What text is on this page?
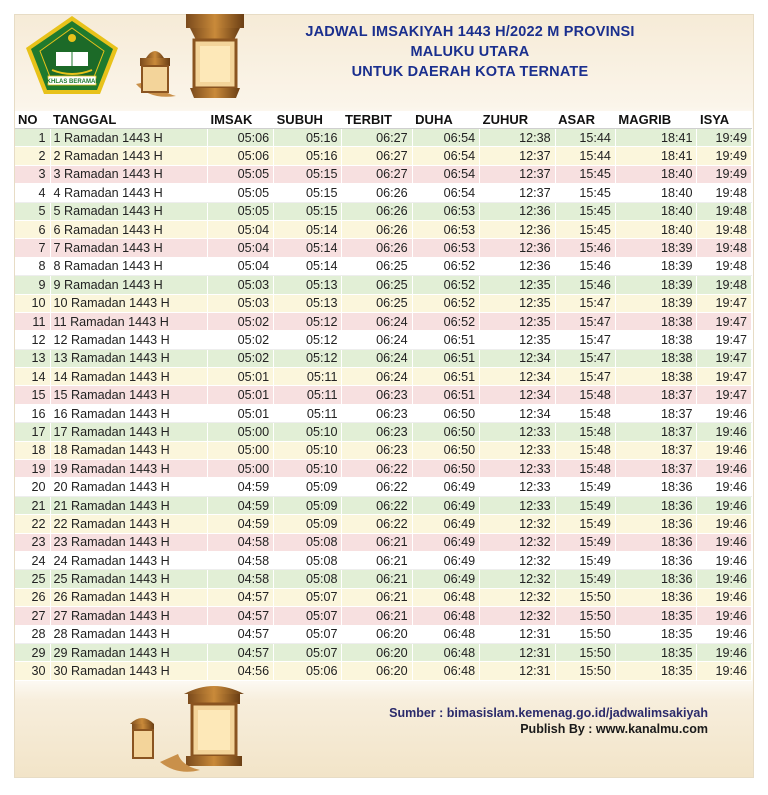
IKHLAS BERAMAL
JADWAL IMSAKIYAH 1443 H/2022 M PROVINSI
MALUKU UTARA
UNTUK DAERAH KOTA TERNATE
NO	TANGGAL	IMSAK	SUBUH	TERBIT	DUHA	ZUHUR	ASAR	MAGRIB	ISYA
1	1 Ramadan 1443 H	05:06	05:16	06:27	06:54	12:38	15:44	18:41	19:49
2	2 Ramadan 1443 H	05:06	05:16	06:27	06:54	12:37	15:44	18:41	19:49
3	3 Ramadan 1443 H	05:05	05:15	06:27	06:54	12:37	15:45	18:40	19:49
4	4 Ramadan 1443 H	05:05	05:15	06:26	06:54	12:37	15:45	18:40	19:48
5	5 Ramadan 1443 H	05:05	05:15	06:26	06:53	12:36	15:45	18:40	19:48
6	6 Ramadan 1443 H	05:04	05:14	06:26	06:53	12:36	15:45	18:40	19:48
7	7 Ramadan 1443 H	05:04	05:14	06:26	06:53	12:36	15:46	18:39	19:48
8	8 Ramadan 1443 H	05:04	05:14	06:25	06:52	12:36	15:46	18:39	19:48
9	9 Ramadan 1443 H	05:03	05:13	06:25	06:52	12:35	15:46	18:39	19:48
10	10 Ramadan 1443 H	05:03	05:13	06:25	06:52	12:35	15:47	18:39	19:47
11	11 Ramadan 1443 H	05:02	05:12	06:24	06:52	12:35	15:47	18:38	19:47
12	12 Ramadan 1443 H	05:02	05:12	06:24	06:51	12:35	15:47	18:38	19:47
13	13 Ramadan 1443 H	05:02	05:12	06:24	06:51	12:34	15:47	18:38	19:47
14	14 Ramadan 1443 H	05:01	05:11	06:24	06:51	12:34	15:47	18:38	19:47
15	15 Ramadan 1443 H	05:01	05:11	06:23	06:51	12:34	15:48	18:37	19:47
16	16 Ramadan 1443 H	05:01	05:11	06:23	06:50	12:34	15:48	18:37	19:46
17	17 Ramadan 1443 H	05:00	05:10	06:23	06:50	12:33	15:48	18:37	19:46
18	18 Ramadan 1443 H	05:00	05:10	06:23	06:50	12:33	15:48	18:37	19:46
19	19 Ramadan 1443 H	05:00	05:10	06:22	06:50	12:33	15:48	18:37	19:46
20	20 Ramadan 1443 H	04:59	05:09	06:22	06:49	12:33	15:49	18:36	19:46
21	21 Ramadan 1443 H	04:59	05:09	06:22	06:49	12:33	15:49	18:36	19:46
22	22 Ramadan 1443 H	04:59	05:09	06:22	06:49	12:32	15:49	18:36	19:46
23	23 Ramadan 1443 H	04:58	05:08	06:21	06:49	12:32	15:49	18:36	19:46
24	24 Ramadan 1443 H	04:58	05:08	06:21	06:49	12:32	15:49	18:36	19:46
25	25 Ramadan 1443 H	04:58	05:08	06:21	06:49	12:32	15:49	18:36	19:46
26	26 Ramadan 1443 H	04:57	05:07	06:21	06:48	12:32	15:50	18:36	19:46
27	27 Ramadan 1443 H	04:57	05:07	06:21	06:48	12:32	15:50	18:35	19:46
28	28 Ramadan 1443 H	04:57	05:07	06:20	06:48	12:31	15:50	18:35	19:46
29	29 Ramadan 1443 H	04:57	05:07	06:20	06:48	12:31	15:50	18:35	19:46
30	30 Ramadan 1443 H	04:56	05:06	06:20	06:48	12:31	15:50	18:35	19:46
Sumber : bimasislam.kemenag.go.id/jadwalimsakiyah
Publish By : www.kanalmu.com
